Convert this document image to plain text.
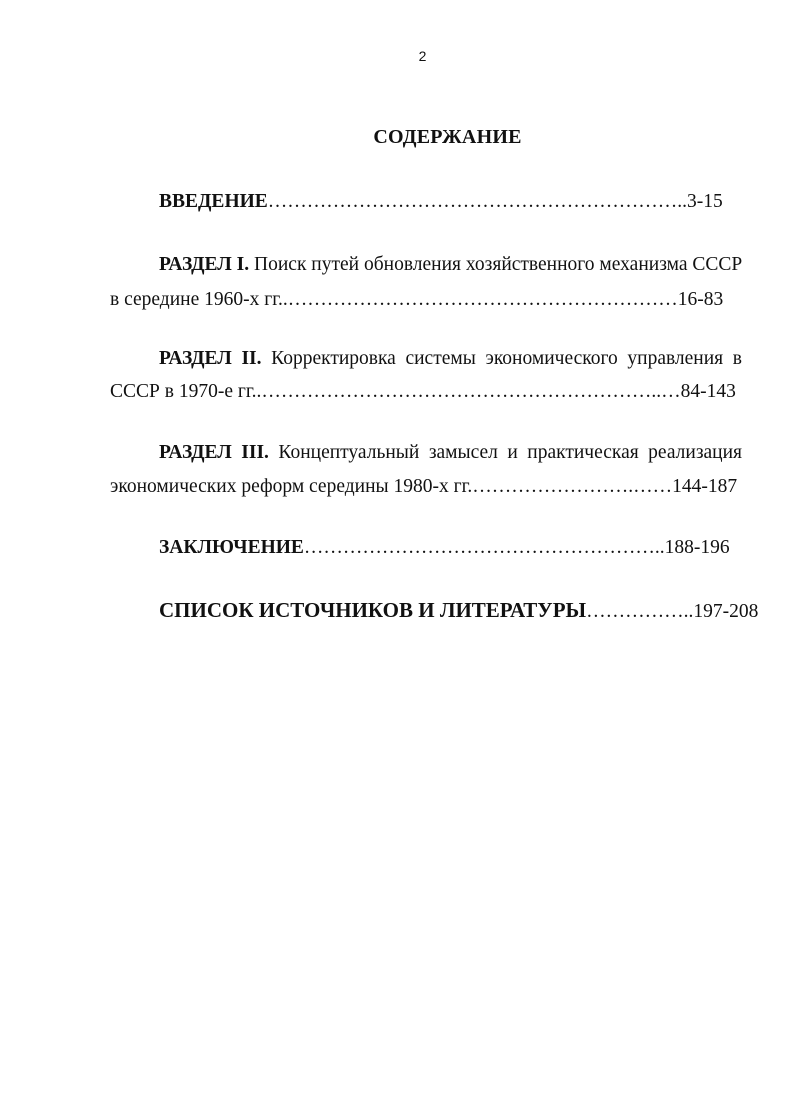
2
СОДЕРЖАНИЕ
ВВЕДЕНИЕ………………………………………………………..3-15
РАЗДЕЛ I. Поиск путей обновления хозяйственного механизма СССР
в середине 1960-х гг..……………………………………………………16-83
РАЗДЕЛ II. Корректировка системы экономического управления в
СССР в 1970-е гг..……………………………………………………..…84-143
РАЗДЕЛ III. Концептуальный замысел и практическая реализация
экономических реформ середины 1980-х гг.…………………….……144-187
ЗАКЛЮЧЕНИЕ………………………………………………..188-196
СПИСОК ИСТОЧНИКОВ И ЛИТЕРАТУРЫ……………..197-208
